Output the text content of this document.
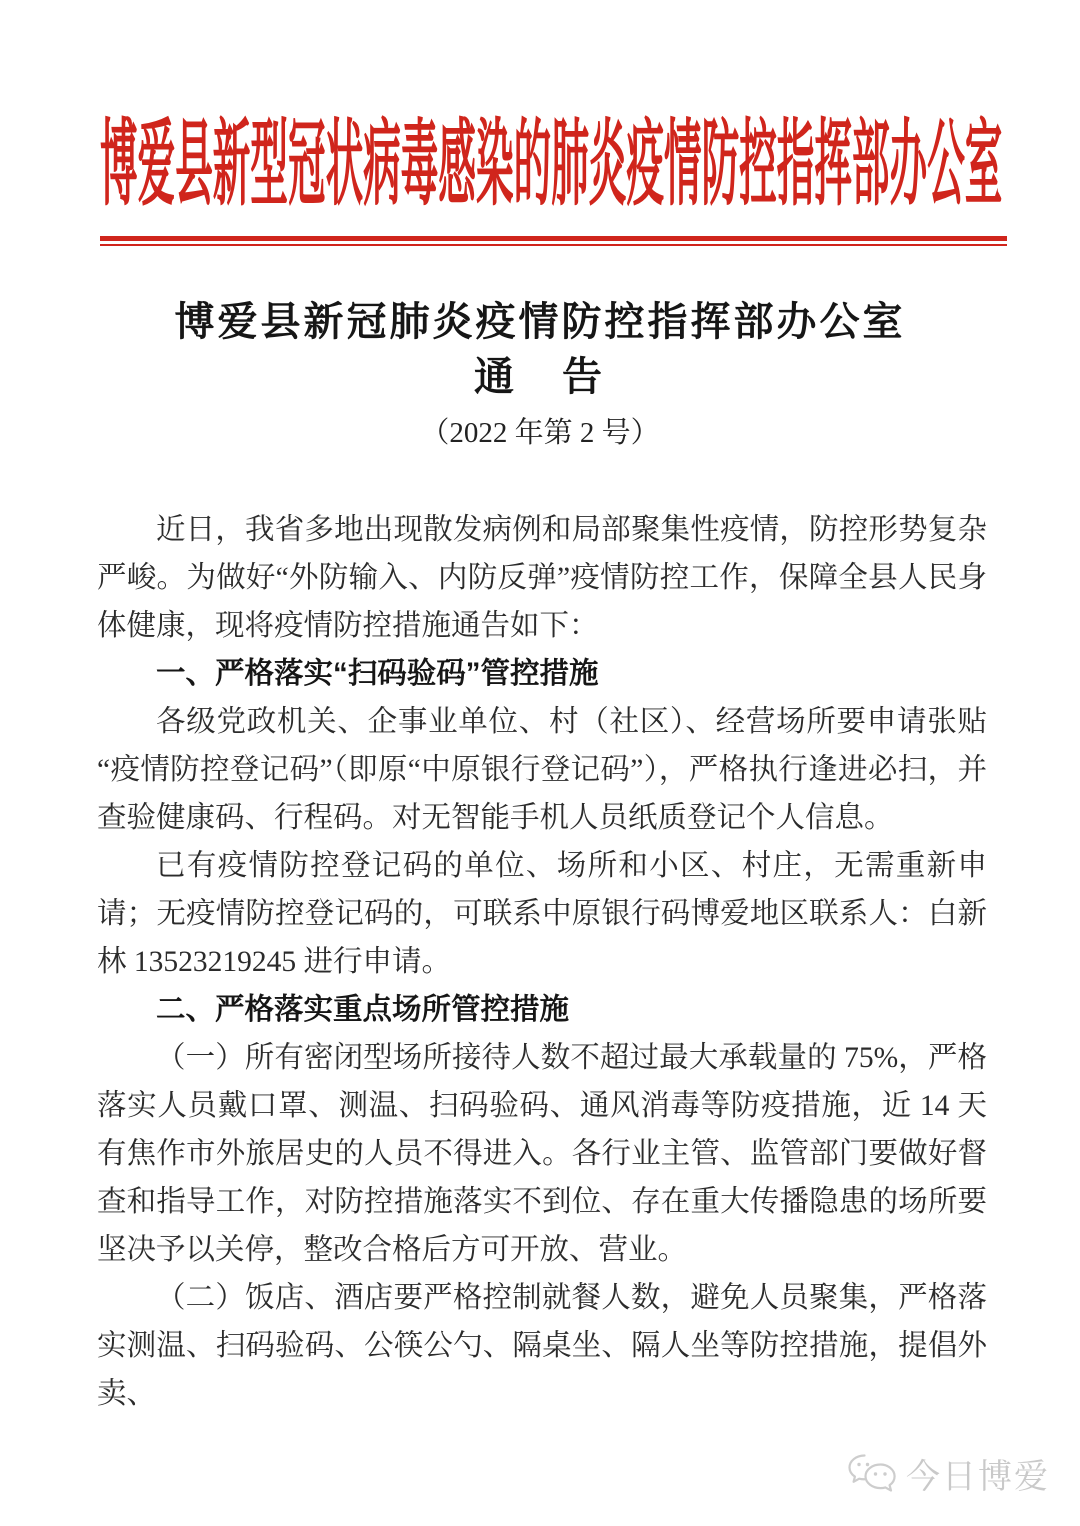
博爱县新型冠状病毒感染的肺炎疫情防控指挥部办公室
博爱县新冠肺炎疫情防控指挥部办公室
通　告
（2022 年第 2 号）

近日，我省多地出现散发病例和局部聚集性疫情，防控形势复杂严峻。为做好“外防输入、内防反弹”疫情防控工作，保障全县人民身体健康，现将疫情防控措施通告如下：

一、严格落实“扫码验码”管控措施

各级党政机关、企事业单位、村（社区）、经营场所要申请张贴“疫情防控登记码”（即原“中原银行登记码”），严格执行逢进必扫，并查验健康码、行程码。对无智能手机人员纸质登记个人信息。

已有疫情防控登记码的单位、场所和小区、村庄，无需重新申请；无疫情防控登记码的，可联系中原银行码博爱地区联系人：白新林 13523219245 进行申请。

二、严格落实重点场所管控措施

（一）所有密闭型场所接待人数不超过最大承载量的 75%，严格落实人员戴口罩、测温、扫码验码、通风消毒等防疫措施，近 14 天有焦作市外旅居史的人员不得进入。各行业主管、监管部门要做好督查和指导工作，对防控措施落实不到位、存在重大传播隐患的场所要坚决予以关停，整改合格后方可开放、营业。

（二）饭店、酒店要严格控制就餐人数，避免人员聚集，严格落实测温、扫码验码、公筷公勺、隔桌坐、隔人坐等防控措施，提倡外卖、

今日博爱
